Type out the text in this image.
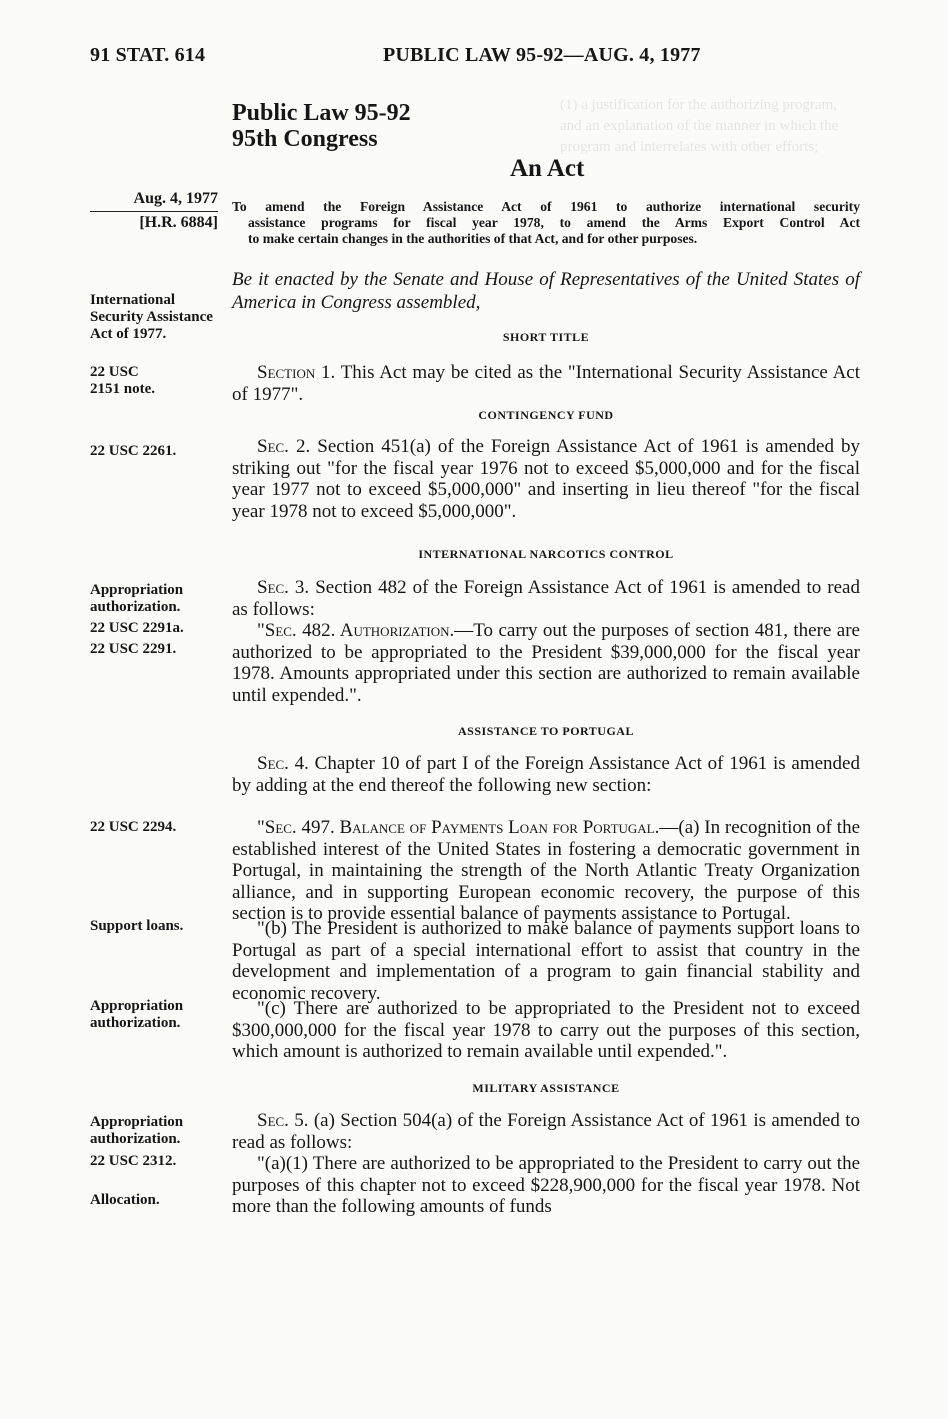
(1) a justification for the authorizing program, and an explanation of the manner in which the program and interrelates with other efforts;
91 STAT. 614	PUBLIC LAW 95-92—AUG. 4, 1977
Public Law 95-92
95th Congress
An Act
Aug. 4, 1977
[H.R. 6884]
To amend the Foreign Assistance Act of 1961 to authorize international security
assistance programs for fiscal year 1978, to amend the Arms Export Control Act
to make certain changes in the authorities of that Act, and for other purposes.
Be it enacted by the Senate and House of Representatives of the United States of America in Congress assembled,
International Security Assistance Act of 1977.
22 USC 2151 note.
22 USC 2261.
Appropriation authorization.
22 USC 2291a.
22 USC 2291.
22 USC 2294.
Support loans.
Appropriation authorization.
Appropriation authorization.
22 USC 2312.
Allocation.
SHORT TITLE
Section 1. This Act may be cited as the "International Security Assistance Act of 1977".
CONTINGENCY FUND
Sec. 2. Section 451(a) of the Foreign Assistance Act of 1961 is amended by striking out "for the fiscal year 1976 not to exceed $5,000,000 and for the fiscal year 1977 not to exceed $5,000,000" and inserting in lieu thereof "for the fiscal year 1978 not to exceed $5,000,000".
INTERNATIONAL NARCOTICS CONTROL
Sec. 3. Section 482 of the Foreign Assistance Act of 1961 is amended to read as follows:
"Sec. 482. Authorization.—To carry out the purposes of section 481, there are authorized to be appropriated to the President $39,000,000 for the fiscal year 1978. Amounts appropriated under this section are authorized to remain available until expended.".
ASSISTANCE TO PORTUGAL
Sec. 4. Chapter 10 of part I of the Foreign Assistance Act of 1961 is amended by adding at the end thereof the following new section:
"Sec. 497. Balance of Payments Loan for Portugal.—(a) In recognition of the established interest of the United States in fostering a democratic government in Portugal, in maintaining the strength of the North Atlantic Treaty Organization alliance, and in supporting European economic recovery, the purpose of this section is to provide essential balance of payments assistance to Portugal.
"(b) The President is authorized to make balance of payments support loans to Portugal as part of a special international effort to assist that country in the development and implementation of a program to gain financial stability and economic recovery.
"(c) There are authorized to be appropriated to the President not to exceed $300,000,000 for the fiscal year 1978 to carry out the purposes of this section, which amount is authorized to remain available until expended.".
MILITARY ASSISTANCE
Sec. 5. (a) Section 504(a) of the Foreign Assistance Act of 1961 is amended to read as follows:
"(a)(1) There are authorized to be appropriated to the President to carry out the purposes of this chapter not to exceed $228,900,000 for the fiscal year 1978. Not more than the following amounts of funds
